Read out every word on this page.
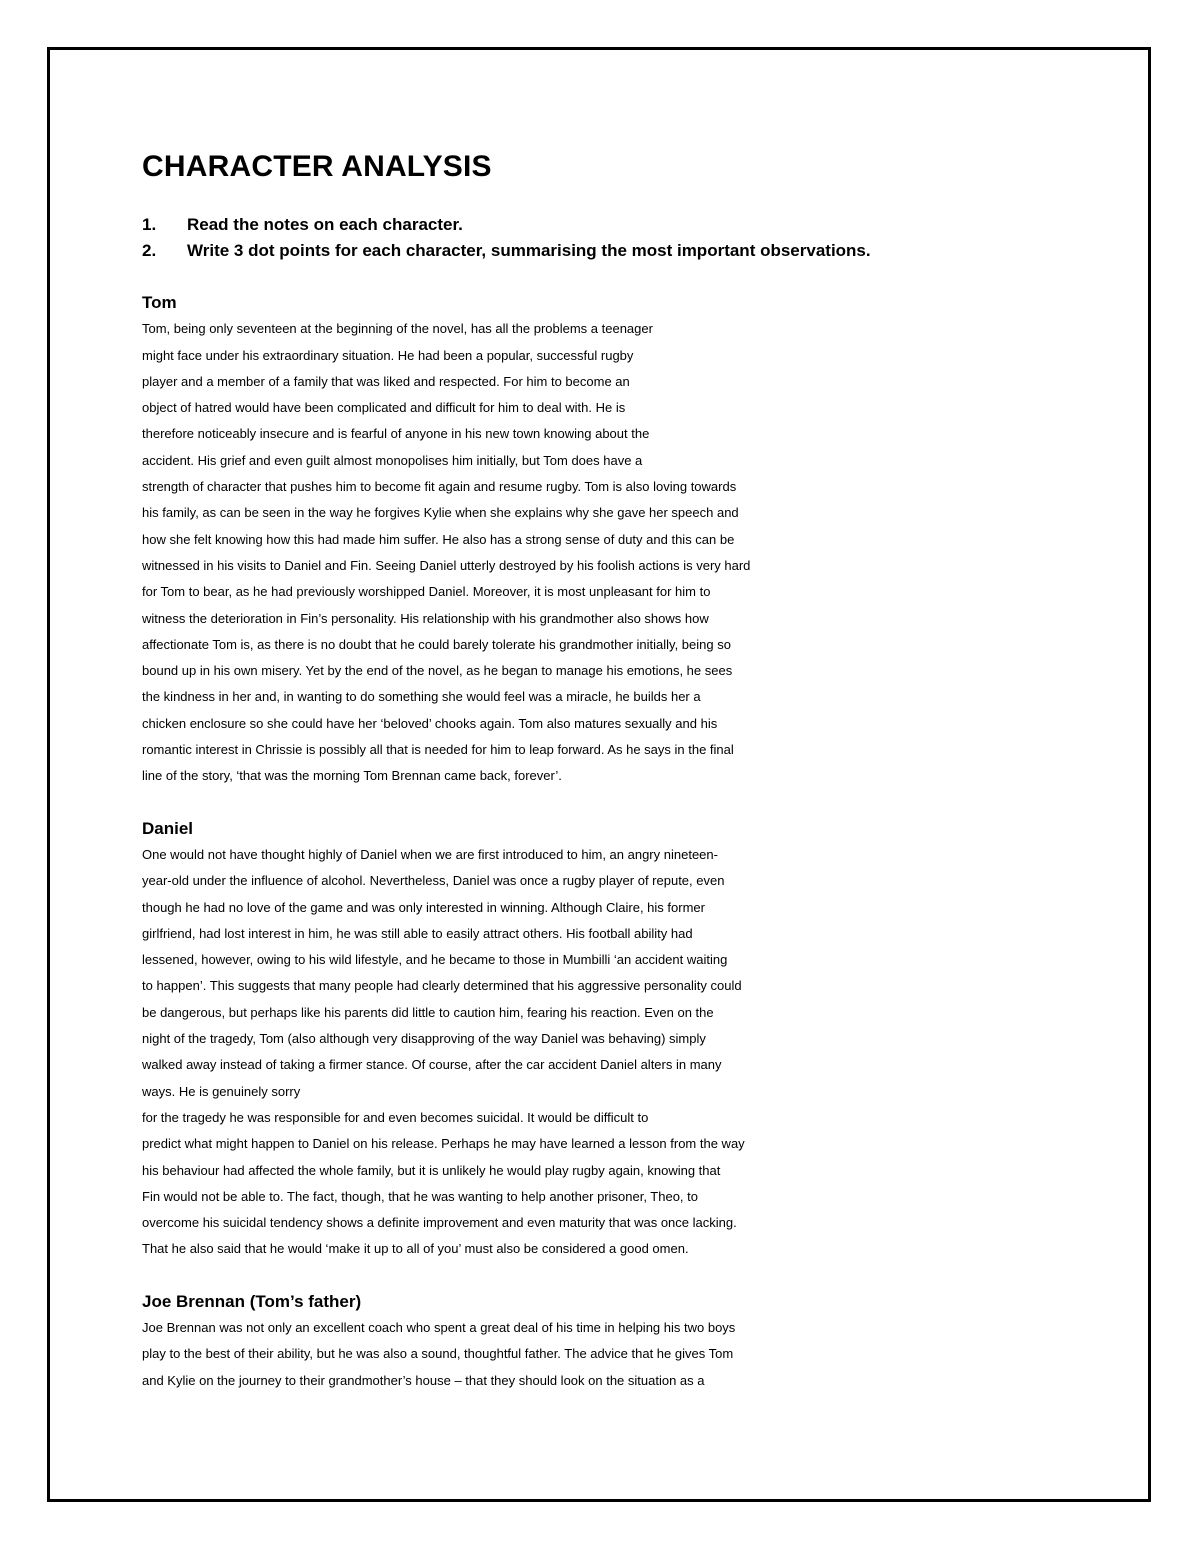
CHARACTER ANALYSIS
1.	Read the notes on each character.
2.	Write 3 dot points for each character, summarising the most important observations.

Tom

Tom, being only seventeen at the beginning of the novel, has all the problems a teenager

might face under his extraordinary situation. He had been a popular, successful rugby

player and a member of a family that was liked and respected. For him to become an

object of hatred would have been complicated and difficult for him to deal with. He is

therefore noticeably insecure and is fearful of anyone in his new town knowing about the

accident. His grief and even guilt almost monopolises him initially, but Tom does have a

strength of character that pushes him to become fit again and resume rugby. Tom is also loving towards

his family, as can be seen in the way he forgives Kylie when she explains why she gave her speech and

how she felt knowing how this had made him suffer. He also has a strong sense of duty and this can be

witnessed in his visits to Daniel and Fin. Seeing Daniel utterly destroyed by his foolish actions is very hard

for Tom to bear, as he had previously worshipped Daniel. Moreover, it is most unpleasant for him to

witness the deterioration in Fin’s personality. His relationship with his grandmother also shows how

affectionate Tom is, as there is no doubt that he could barely tolerate his grandmother initially, being so

bound up in his own misery. Yet by the end of the novel, as he began to manage his emotions, he sees

the kindness in her and, in wanting to do something she would feel was a miracle, he builds her a

chicken enclosure so she could have her ‘beloved’ chooks again. Tom also matures sexually and his

romantic interest in Chrissie is possibly all that is needed for him to leap forward. As he says in the final

line of the story, ‘that was the morning Tom Brennan came back, forever’.

Daniel

One would not have thought highly of Daniel when we are first introduced to him, an angry nineteen-

year-old under the influence of alcohol. Nevertheless, Daniel was once a rugby player of repute, even

though he had no love of the game and was only interested in winning. Although Claire, his former

girlfriend, had lost interest in him, he was still able to easily attract others. His football ability had

lessened, however, owing to his wild lifestyle, and he became to those in Mumbilli ‘an accident waiting

to happen’. This suggests that many people had clearly determined that his aggressive personality could

be dangerous, but perhaps like his parents did little to caution him, fearing his reaction. Even on the

night of the tragedy, Tom (also although very disapproving of the way Daniel was behaving) simply

walked away instead of taking a firmer stance. Of course, after the car accident Daniel alters in many

ways. He is genuinely sorry

for the tragedy he was responsible for and even becomes suicidal. It would be difficult to

predict what might happen to Daniel on his release. Perhaps he may have learned a lesson from the way

his behaviour had affected the whole family, but it is unlikely he would play rugby again, knowing that

Fin would not be able to. The fact, though, that he was wanting to help another prisoner, Theo, to

overcome his suicidal tendency shows a definite improvement and even maturity that was once lacking.

That he also said that he would ‘make it up to all of you’ must also be considered a good omen.

Joe Brennan (Tom’s father)

Joe Brennan was not only an excellent coach who spent a great deal of his time in helping his two boys

play to the best of their ability, but he was also a sound, thoughtful father. The advice that he gives Tom

and Kylie on the journey to their grandmother’s house – that they should look on the situation as a
